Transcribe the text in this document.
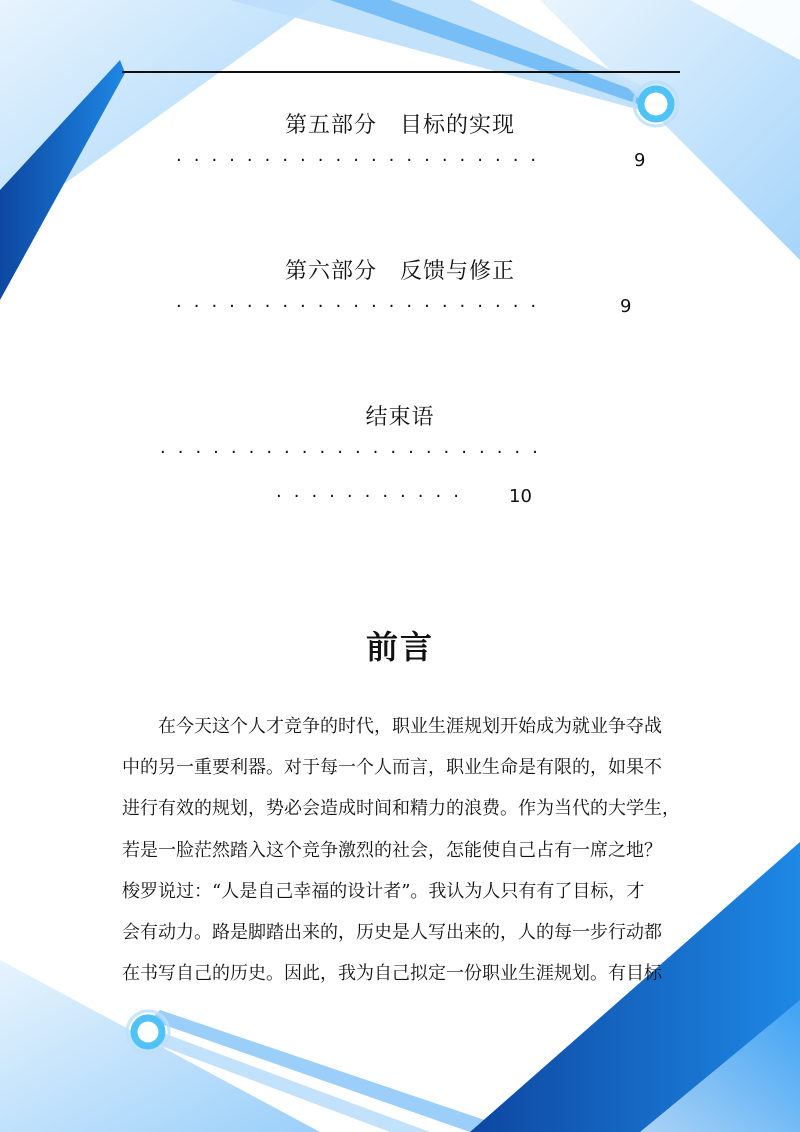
第五部分　目标的实现
·····················	9
第六部分　反馈与修正
·····················	9
结束语
······················
··········· 10
前言
　　在今天这个人才竞争的时代，职业生涯规划开始成为就业争夺战
中的另一重要利器。对于每一个人而言，职业生命是有限的，如果不
进行有效的规划，势必会造成时间和精力的浪费。作为当代的大学生，
若是一脸茫然踏入这个竞争激烈的社会，怎能使自己占有一席之地？
梭罗说过：“人是自己幸福的设计者”。我认为人只有有了目标，才
会有动力。路是脚踏出来的，历史是人写出来的，人的每一步行动都
在书写自己的历史。因此，我为自己拟定一份职业生涯规划。有目标
